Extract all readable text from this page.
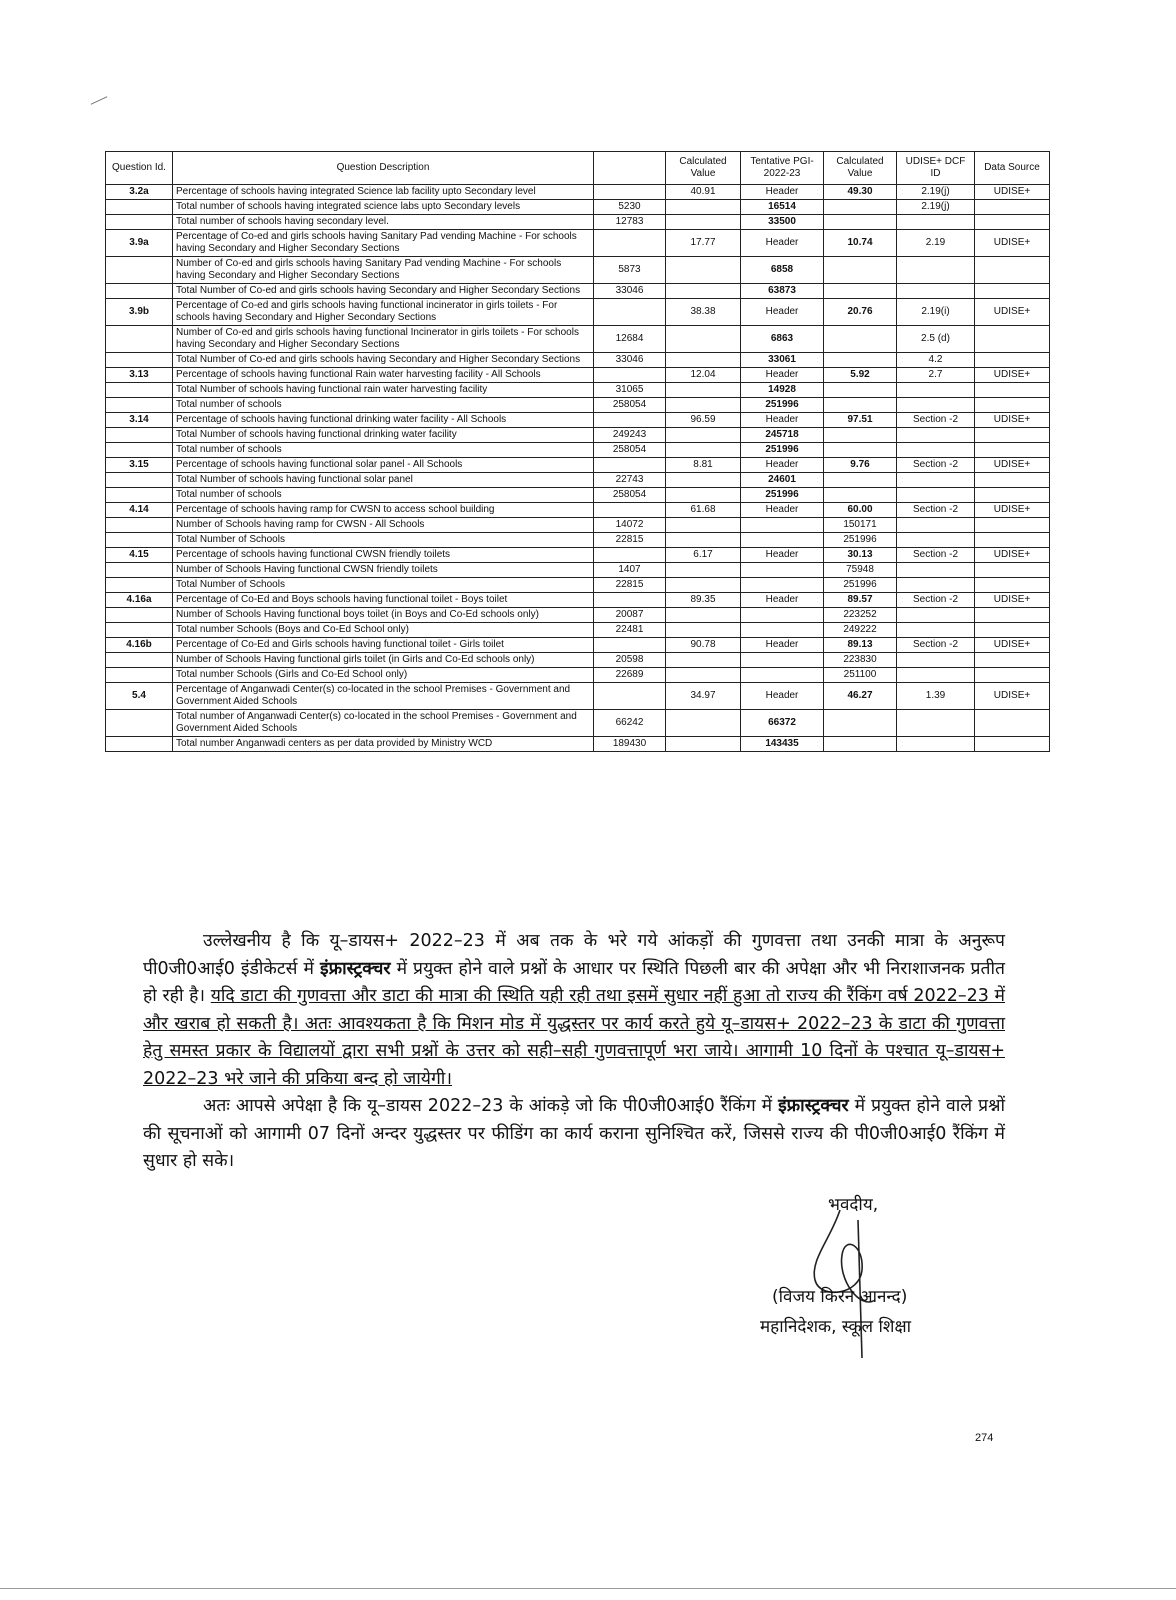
Question Id.	Question Description		Calculated Value	Tentative PGI-2022-23	Calculated Value	UDISE+ DCF ID	Data Source
3.2a	Percentage of schools having integrated Science lab facility upto Secondary level		40.91	Header	49.30	2.19(j)	UDISE+
	Total number of schools having integrated science labs upto Secondary levels	5230		16514		2.19(j)	
	Total number of schools having secondary level.	12783		33500			
3.9a	Percentage of Co-ed and girls schools having Sanitary Pad vending Machine - For schools having Secondary and Higher Secondary Sections		17.77	Header	10.74	2.19	UDISE+
	Number of Co-ed and girls schools having Sanitary Pad vending Machine - For schools having Secondary and Higher Secondary Sections	5873		6858			
	Total Number of Co-ed and girls schools having Secondary and Higher Secondary Sections	33046		63873			
3.9b	Percentage of Co-ed and girls schools having functional incinerator in girls toilets - For schools having Secondary and Higher Secondary Sections		38.38	Header	20.76	2.19(i)	UDISE+
	Number of Co-ed and girls schools having functional Incinerator in girls toilets - For schools having Secondary and Higher Secondary Sections	12684		6863		2.5 (d)	
	Total Number of Co-ed and girls schools having Secondary and Higher Secondary Sections	33046		33061		4.2	
3.13	Percentage of schools having functional Rain water harvesting facility - All Schools		12.04	Header	5.92	2.7	UDISE+
	Total Number of schools having functional rain water harvesting facility	31065		14928			
	Total number of schools	258054		251996			
3.14	Percentage of schools having functional drinking water facility - All Schools		96.59	Header	97.51	Section -2	UDISE+
	Total Number of schools having functional drinking water facility	249243		245718			
	Total number of schools	258054		251996			
3.15	Percentage of schools having functional solar panel - All Schools		8.81	Header	9.76	Section -2	UDISE+
	Total Number of schools having functional solar panel	22743		24601			
	Total number of schools	258054		251996			
4.14	Percentage of schools having ramp for CWSN to access school building		61.68	Header	60.00	Section -2	UDISE+
	Number of Schools having ramp for CWSN - All Schools	14072			150171		
	Total Number of Schools	22815			251996		
4.15	Percentage of schools having functional CWSN friendly toilets		6.17	Header	30.13	Section -2	UDISE+
	Number of Schools Having functional CWSN friendly toilets	1407			75948		
	Total Number of Schools	22815			251996		
4.16a	Percentage of Co-Ed and Boys schools having functional toilet - Boys toilet		89.35	Header	89.57	Section -2	UDISE+
	Number of Schools Having functional boys toilet (in Boys and Co-Ed schools only)	20087			223252		
	Total number Schools (Boys and Co-Ed School only)	22481			249222		
4.16b	Percentage of Co-Ed and Girls schools having functional toilet - Girls toilet		90.78	Header	89.13	Section -2	UDISE+
	Number of Schools Having functional girls toilet (in Girls and Co-Ed schools only)	20598			223830		
	Total number Schools (Girls and Co-Ed School only)	22689			251100		
5.4	Percentage of Anganwadi Center(s) co-located in the school Premises - Government and Government Aided Schools		34.97	Header	46.27	1.39	UDISE+
	Total number of Anganwadi Center(s) co-located in the school Premises - Government and Government Aided Schools	66242		66372			
	Total number Anganwadi centers as per data provided by Ministry WCD	189430		143435			

उल्लेखनीय है कि यू–डायस+ 2022–23 में अब तक के भरे गये आंकड़ों की गुणवत्ता तथा उनकी मात्रा के अनुरूप पी0जी0आई0 इंडीकेटर्स में इंफ्रास्ट्रक्चर में प्रयुक्त होने वाले प्रश्नों के आधार पर स्थिति पिछली बार की अपेक्षा और भी निराशाजनक प्रतीत हो रही है। यदि डाटा की गुणवत्ता और डाटा की मात्रा की स्थिति यही रही तथा इसमें सुधार नहीं हुआ तो राज्य की रैंकिंग वर्ष 2022–23 में और खराब हो सकती है। अतः आवश्यकता है कि मिशन मोड में युद्धस्तर पर कार्य करते हुये यू–डायस+ 2022–23 के डाटा की गुणवत्ता हेतु समस्त प्रकार के विद्यालयों द्वारा सभी प्रश्नों के उत्तर को सही–सही गुणवत्तापूर्ण भरा जाये। आगामी 10 दिनों के पश्चात यू–डायस+ 2022–23 भरे जाने की प्रकिया बन्द हो जायेगी।

अतः आपसे अपेक्षा है कि यू–डायस 2022–23 के आंकड़े जो कि पी0जी0आई0 रैंकिंग में इंफ्रास्ट्रक्चर में प्रयुक्त होने वाले प्रश्नों की सूचनाओं को आगामी 07 दिनों अन्दर युद्धस्तर पर फीडिंग का कार्य कराना सुनिश्चित करें, जिससे राज्य की पी0जी0आई0 रैंकिंग में सुधार हो सके।

भवदीय,
(विजय किरन आनन्द)
महानिदेशक, स्कूल शिक्षा
274
